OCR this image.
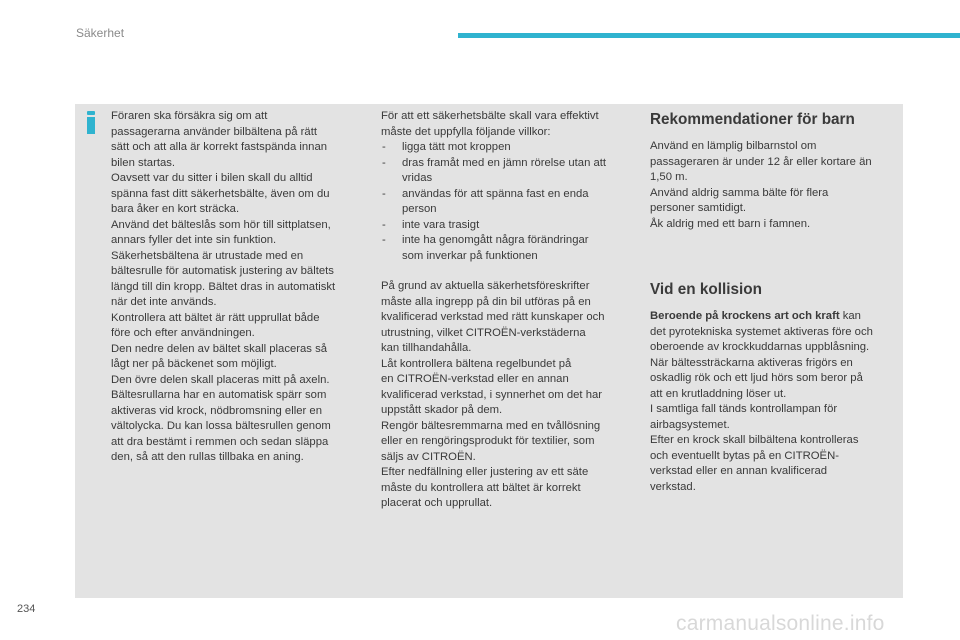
Säkerhet

Föraren ska försäkra sig om att

passagerarna använder bilbältena på rätt

sätt och att alla är korrekt fastspända innan

bilen startas.

Oavsett var du sitter i bilen skall du alltid

spänna fast ditt säkerhetsbälte, även om du

bara åker en kort sträcka.

Använd det bälteslås som hör till sittplatsen,

annars fyller det inte sin funktion.

Säkerhetsbältena är utrustade med en

bältesrulle för automatisk justering av bältets

längd till din kropp. Bältet dras in automatiskt

när det inte används.

Kontrollera att bältet är rätt upprullat både

före och efter användningen.

Den nedre delen av bältet skall placeras så

lågt ner på bäckenet som möjligt.

Den övre delen skall placeras mitt på axeln.

Bältesrullarna har en automatisk spärr som

aktiveras vid krock, nödbromsning eller en

vältolycka. Du kan lossa bältesrullen genom

att dra bestämt i remmen och sedan släppa

den, så att den rullas tillbaka en aning.

För att ett säkerhetsbälte skall vara effektivt

måste det uppfylla följande villkor:

- ligga tätt mot kroppen
- dras framåt med en jämn rörelse utan att
vridas
- användas för att spänna fast en enda
person
- inte vara trasigt
- inte ha genomgått några förändringar
som inverkar på funktionen

På grund av aktuella säkerhetsföreskrifter

måste alla ingrepp på din bil utföras på en

kvalificerad verkstad med rätt kunskaper och

utrustning, vilket CITROËN-verkstäderna

kan tillhandahålla.

Låt kontrollera bältena regelbundet på

en CITROËN-verkstad eller en annan

kvalificerad verkstad, i synnerhet om det har

uppstått skador på dem.

Rengör bältesremmarna med en tvållösning

eller en rengöringsprodukt för textilier, som

säljs av CITROËN.

Efter nedfällning eller justering av ett säte

måste du kontrollera att bältet är korrekt

placerat och upprullat.

Rekommendationer för barn

Använd en lämplig bilbarnstol om

passageraren är under 12 år eller kortare än

1,50 m.

Använd aldrig samma bälte för flera

personer samtidigt.

Åk aldrig med ett barn i famnen.

Vid en kollision

Beroende på krockens art och kraft kan

det pyrotekniska systemet aktiveras före och

oberoende av krockkuddarnas uppblåsning.

När bältessträckarna aktiveras frigörs en

oskadlig rök och ett ljud hörs som beror på

att en krutladdning löser ut.

I samtliga fall tänds kontrollampan för

airbagsystemet.

Efter en krock skall bilbältena kontrolleras

och eventuellt bytas på en CITROËN-

verkstad eller en annan kvalificerad

verkstad.

234
carmanualsonline.info
